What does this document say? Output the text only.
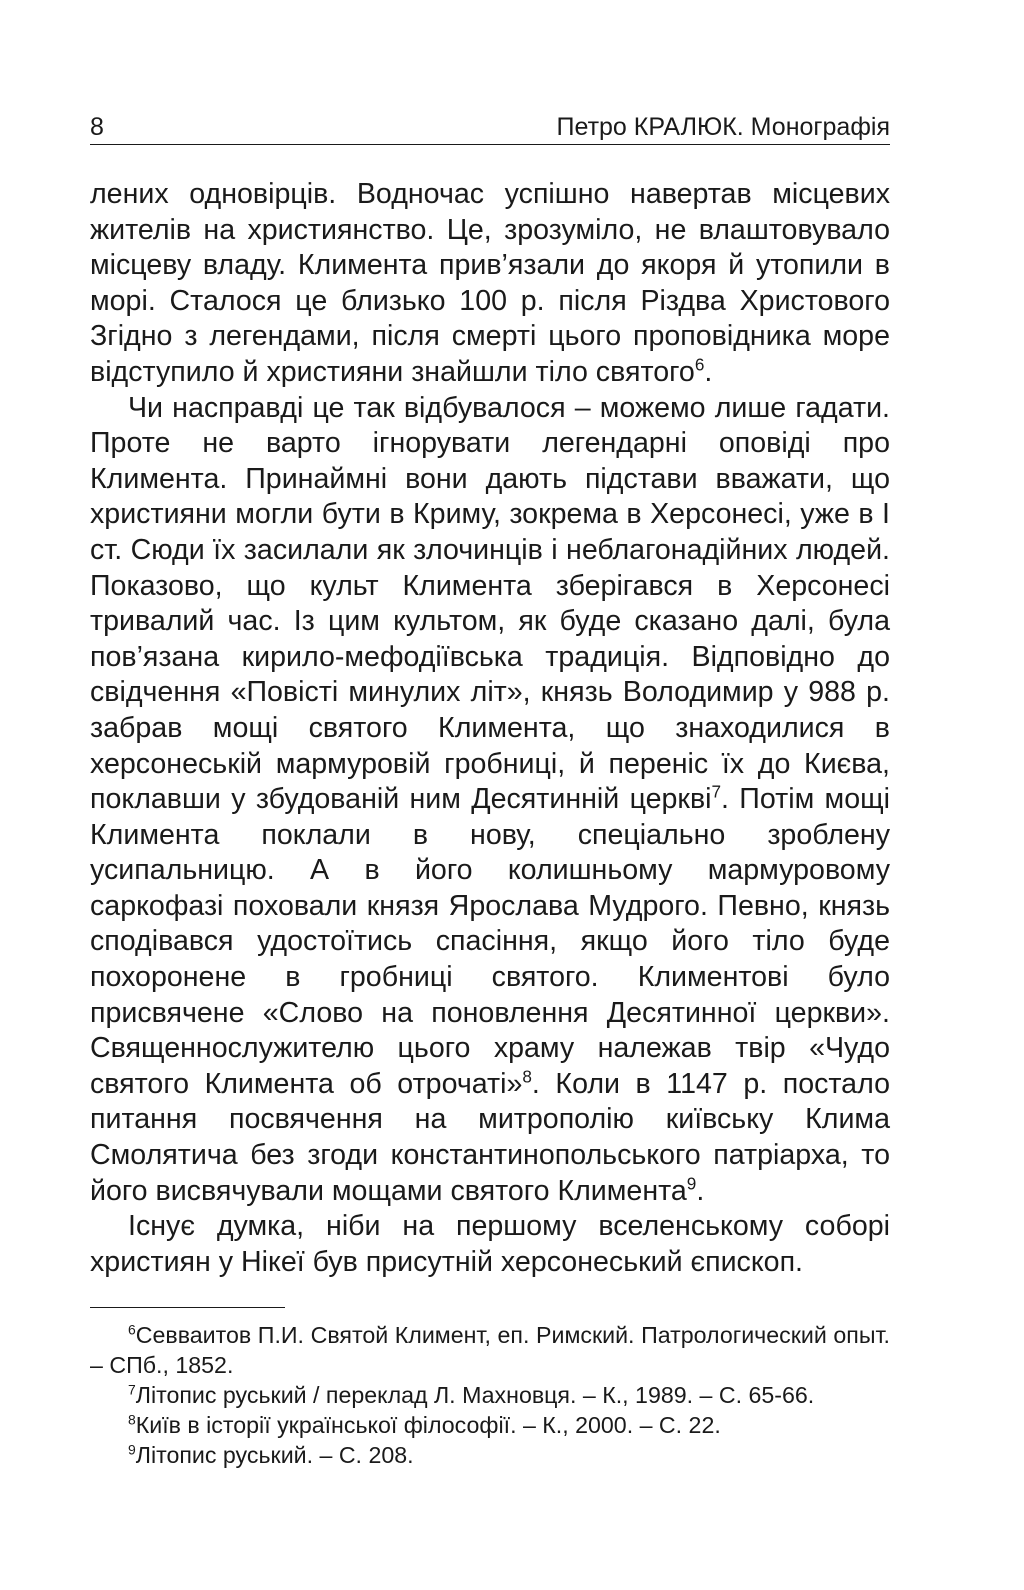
8	Петро КРАЛЮК. Монографія

лених одновірців. Водночас успішно навертав місцевих жителів на християнство. Це, зрозуміло, не влаштовувало місцеву владу. Климента прив’язали до якоря й утопили в морі. Сталося це близько 100 р. після Різдва Христового Згідно з легендами, після смерті цього проповідника море відступило й християни знайшли тіло святого$^6$.

Чи насправді це так відбувалося – можемо лише гадати. Проте не варто ігнорувати легендарні оповіді про Климента. Принаймні вони дають підстави вважати, що християни могли бути в Криму, зокрема в Херсонесі, уже в I ст. Сюди їх засилали як злочинців і неблагонадійних людей. Показово, що культ Климента зберігався в Херсонесі тривалий час. Із цим культом, як буде сказано далі, була пов’язана кирило-мефодіївська традиція. Відповідно до свідчення «Повісті минулих літ», князь Володимир у 988 р. забрав мощі святого Климента, що знаходилися в херсонеській мармуровій гробниці, й переніс їх до Києва, поклавши у збудованій ним Десятинній церкві$^7$. Потім мощі Климента поклали в нову, спеціально зроблену усипальницю. А в його колишньому мармуровому саркофазі поховали князя Ярослава Мудрого. Певно, князь сподівався удостоїтись спасіння, якщо його тіло буде похоронене в гробниці святого. Климентові було присвячене «Слово на поновлення Десятинної церкви». Священнослужителю цього храму належав твір «Чудо святого Климента об отрочаті»$^8$. Коли в 1147 р. постало питання посвячення на митрополію київську Клима Смолятича без згоди константинопольського патріарха, то його висвячували мощами святого Климента$^9$.

Існує думка, ніби на першому вселенському соборі християн у Нікеї був присутній херсонеський єпископ.

$^6$Севваитов П.И. Святой Климент, еп. Римский. Патрологический опыт. – СПб., 1852.

$^7$Літопис руський / переклад Л. Махновця. – К., 1989. – С. 65-66.

$^8$Київ в історії української філософії. – К., 2000. – С. 22.

$^9$Літопис руський. – С. 208.
